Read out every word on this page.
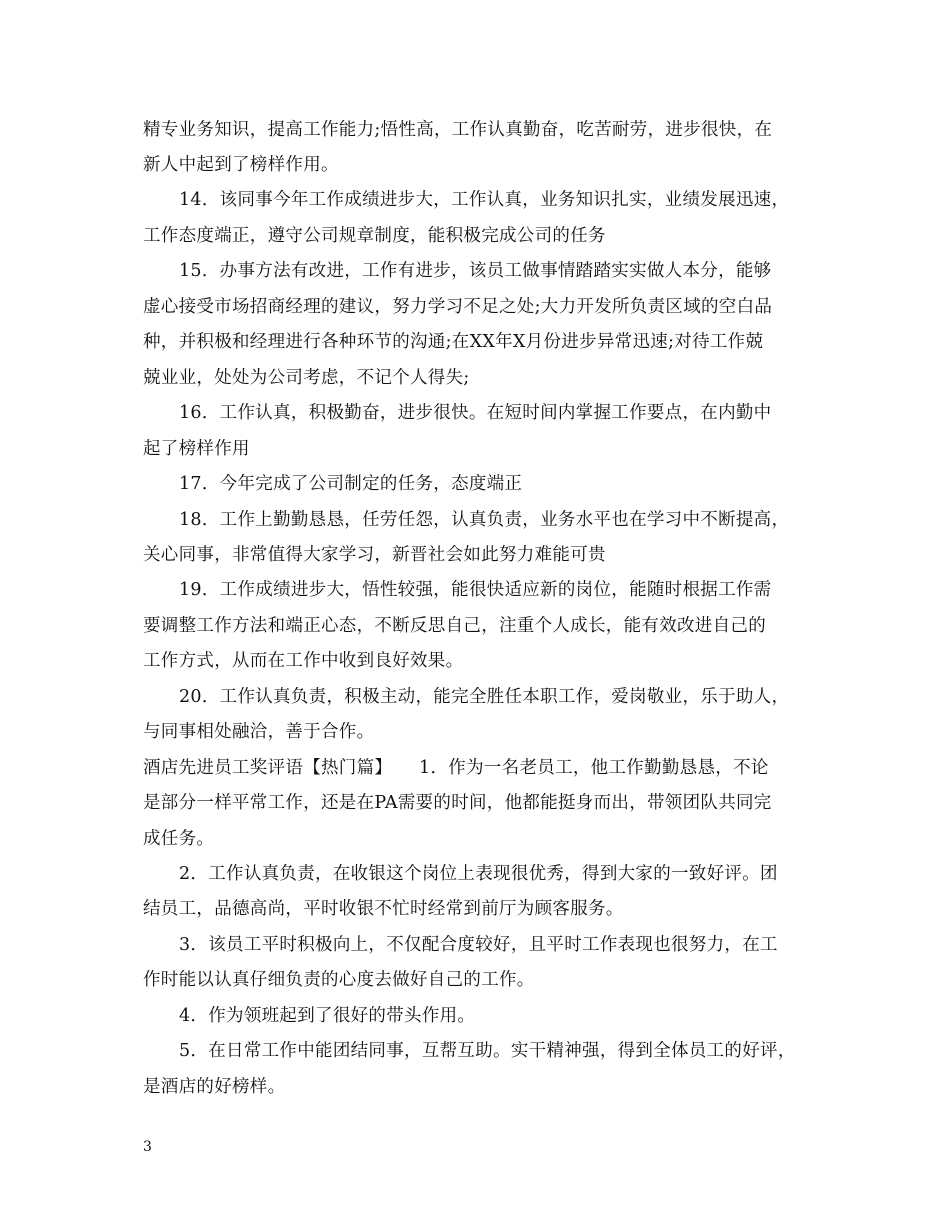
精专业务知识，提高工作能力;悟性高，工作认真勤奋，吃苦耐劳，进步很快，在
新人中起到了榜样作用。
14．该同事今年工作成绩进步大，工作认真，业务知识扎实，业绩发展迅速，
工作态度端正，遵守公司规章制度，能积极完成公司的任务
15．办事方法有改进，工作有进步，该员工做事情踏踏实实做人本分，能够
虚心接受市场招商经理的建议，努力学习不足之处;大力开发所负责区域的空白品
种，并积极和经理进行各种环节的沟通;在XX年X月份进步异常迅速;对待工作兢
兢业业，处处为公司考虑，不记个人得失;
16．工作认真，积极勤奋，进步很快。在短时间内掌握工作要点，在内勤中
起了榜样作用
17．今年完成了公司制定的任务，态度端正
18．工作上勤勤恳恳，任劳任怨，认真负责，业务水平也在学习中不断提高，
关心同事，非常值得大家学习，新晋社会如此努力难能可贵
19．工作成绩进步大，悟性较强，能很快适应新的岗位，能随时根据工作需
要调整工作方法和端正心态，不断反思自己，注重个人成长，能有效改进自己的
工作方式，从而在工作中收到良好效果。
20．工作认真负责，积极主动，能完全胜任本职工作，爱岗敬业，乐于助人，
与同事相处融洽，善于合作。
酒店先进员工奖评语【热门篇】　　1．作为一名老员工，他工作勤勤恳恳，不论
是部分一样平常工作，还是在PA需要的时间，他都能挺身而出，带领团队共同完
成任务。
2．工作认真负责，在收银这个岗位上表现很优秀，得到大家的一致好评。团
结员工，品德高尚，平时收银不忙时经常到前厅为顾客服务。
3．该员工平时积极向上，不仅配合度较好，且平时工作表现也很努力，在工
作时能以认真仔细负责的心度去做好自己的工作。
4．作为领班起到了很好的带头作用。
5．在日常工作中能团结同事，互帮互助。实干精神强，得到全体员工的好评，
是酒店的好榜样。
3
